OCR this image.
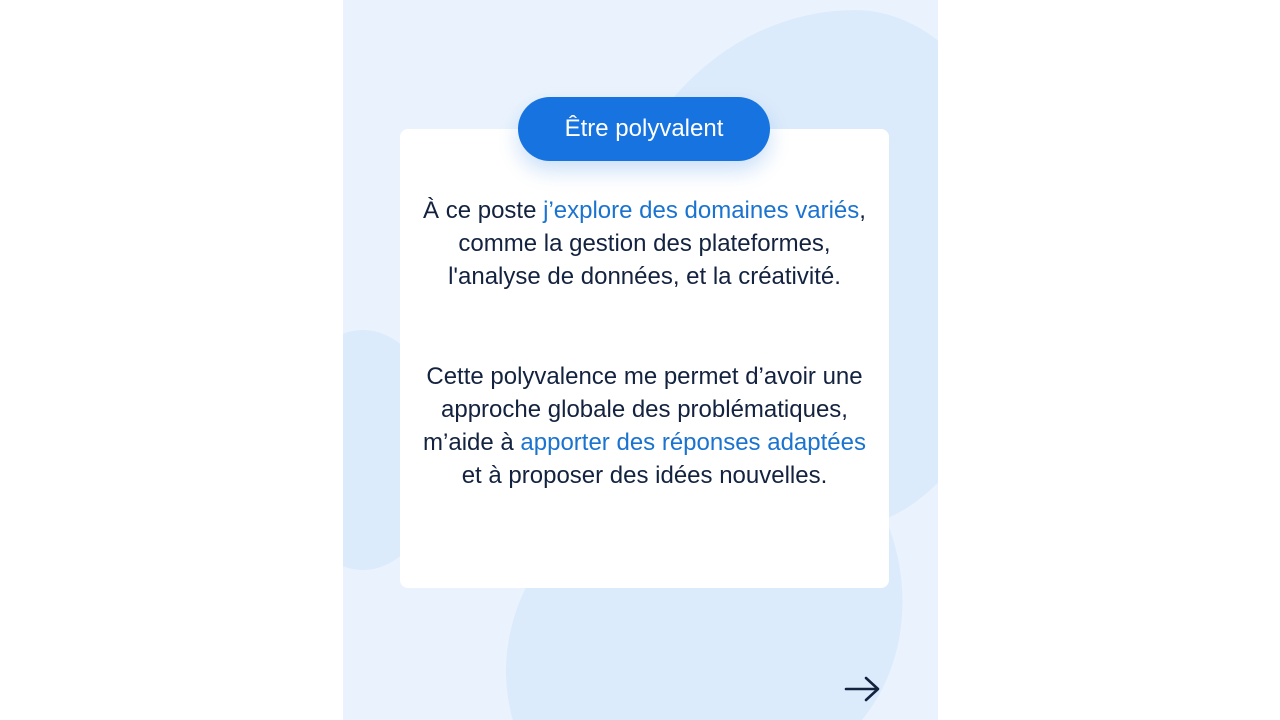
Être polyvalent

À ce poste j’explore des domaines variés, comme la gestion des plateformes, l'analyse de données, et la créativité.

Cette polyvalence me permet d’avoir une approche globale des problématiques, m’aide à apporter des réponses adaptées et à proposer des idées nouvelles.
